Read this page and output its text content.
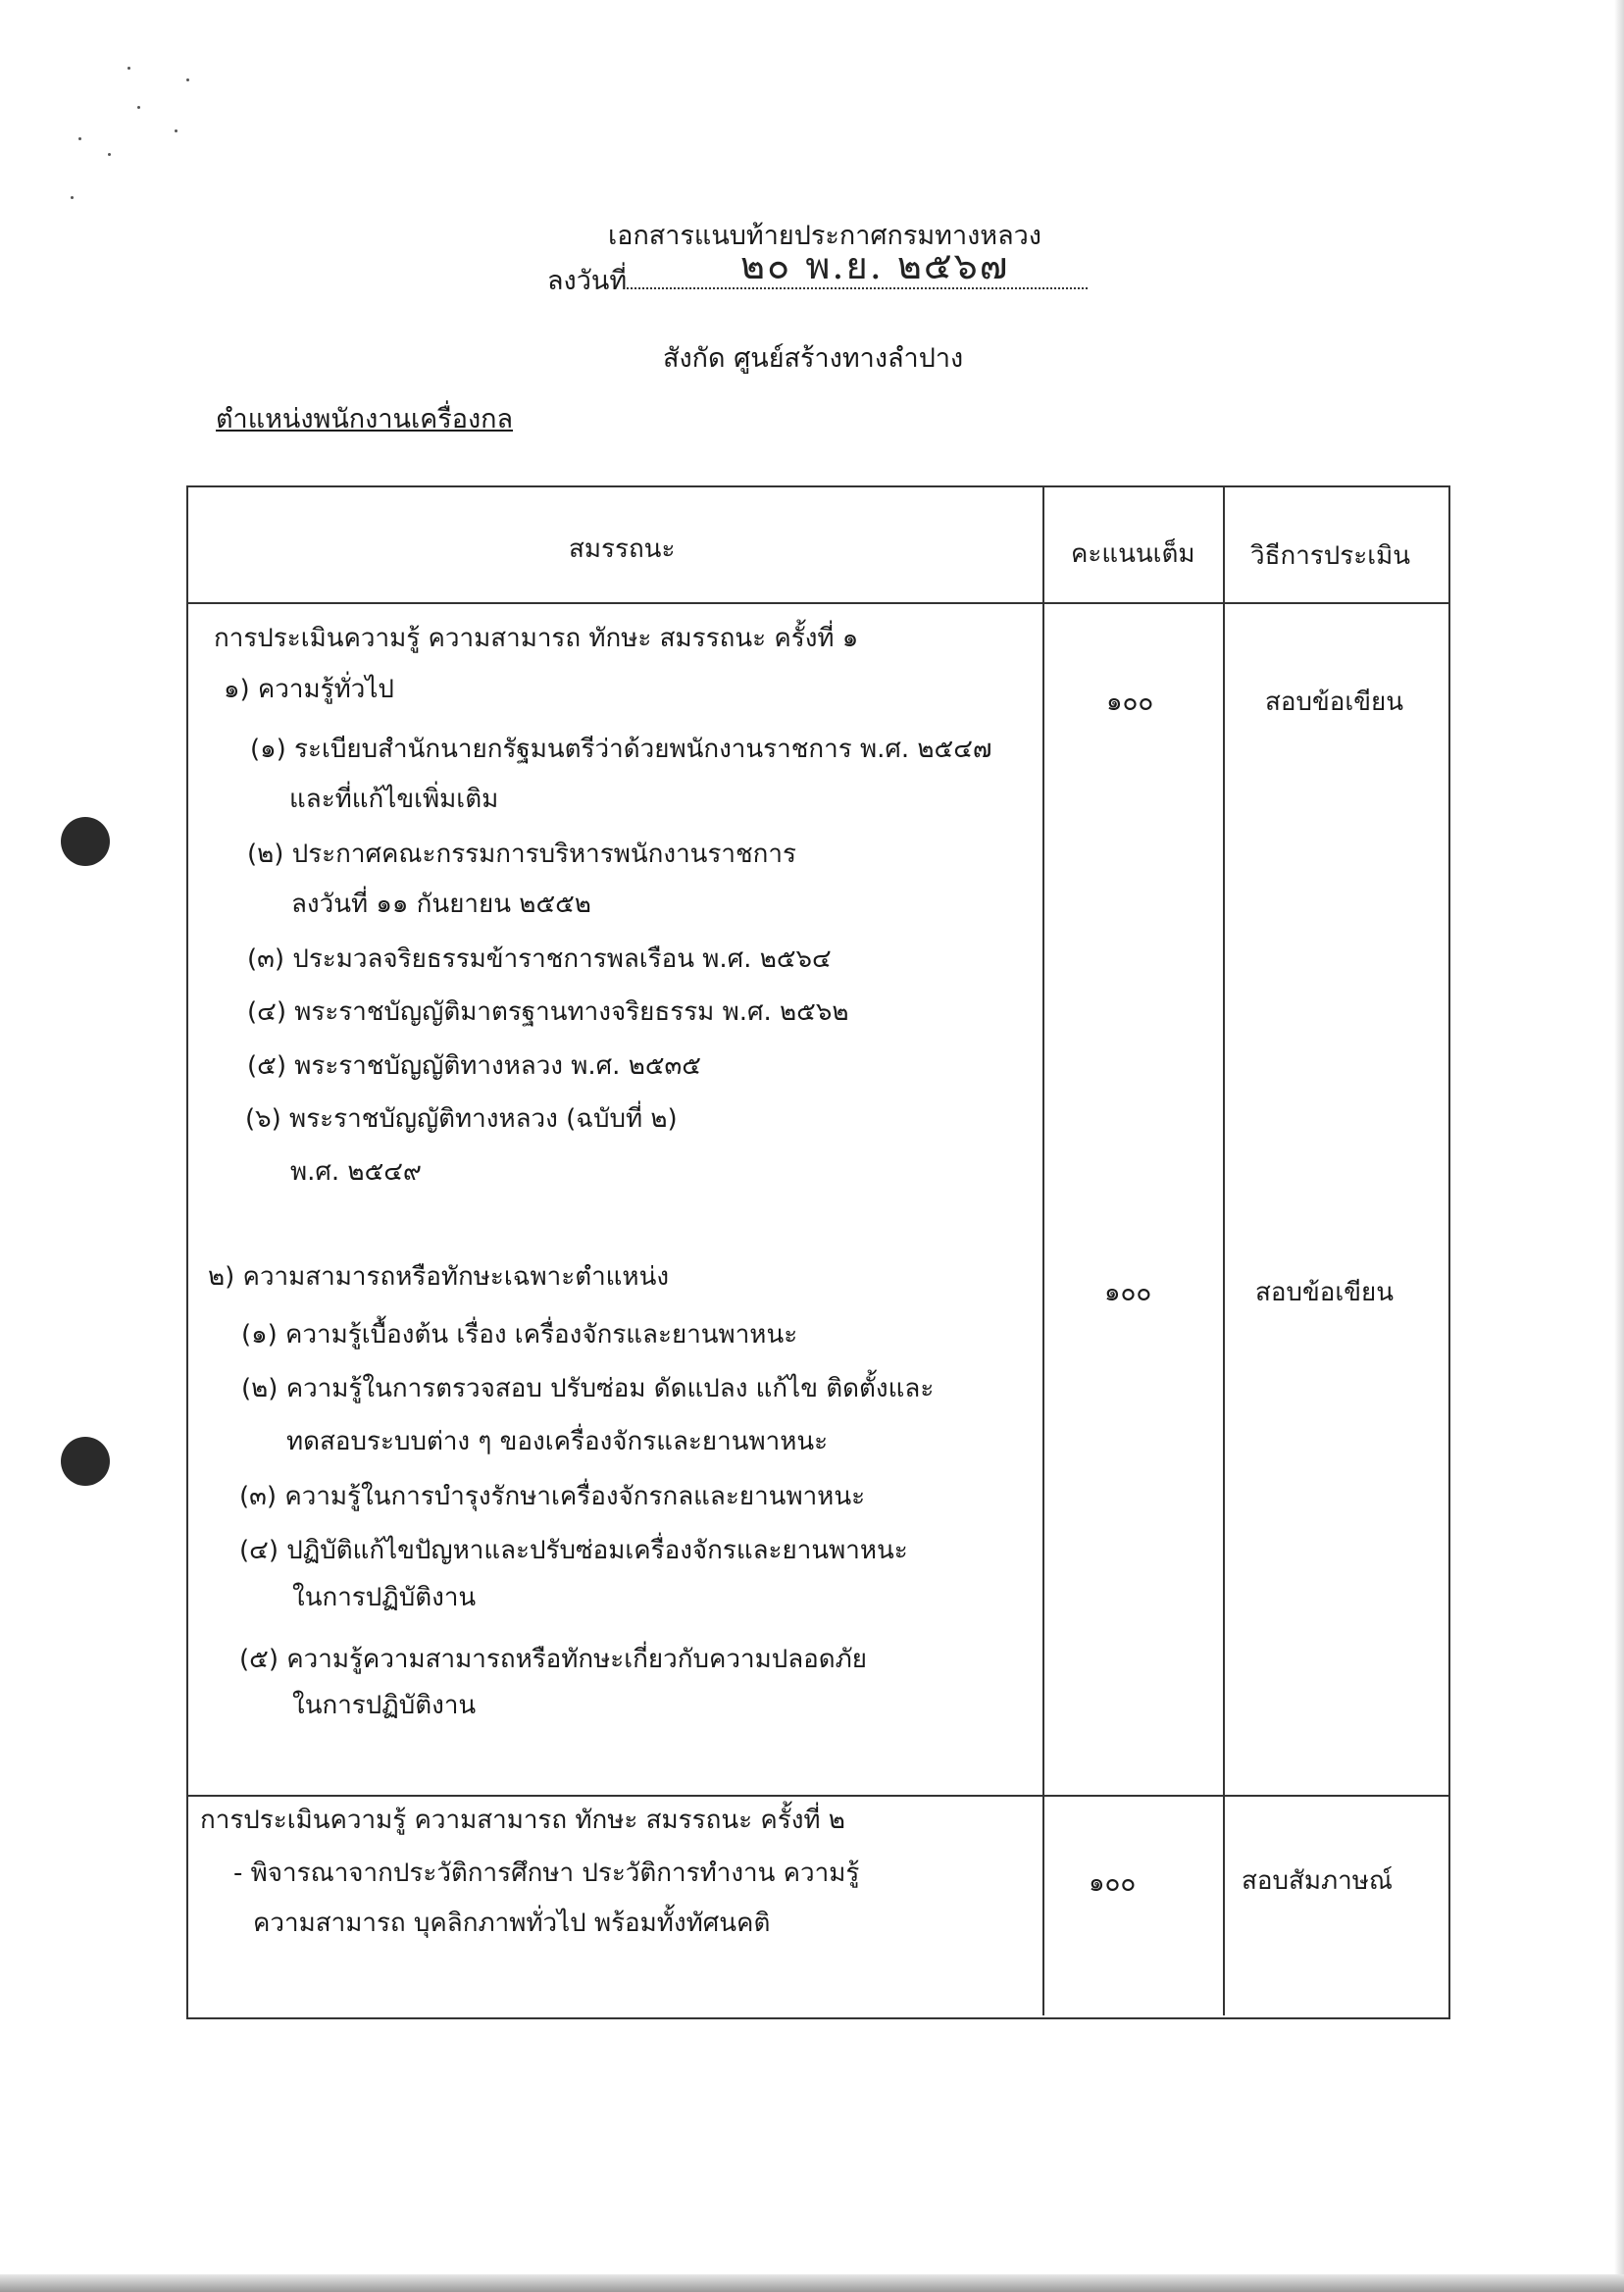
เอกสารแนบท้ายประกาศกรมทางหลวง
๒๐ พ.ย. ๒๕๖๗
ลงวันที่
สังกัด ศูนย์สร้างทางลำปาง
ตำแหน่งพนักงานเครื่องกล
สมรรถนะ	คะแนนเต็ม วิธีการประเมิน
การประเมินความรู้ ความสามารถ ทักษะ สมรรถนะ ครั้งที่ ๑
๑) ความรู้ทั่วไป	๑๐๐	สอบข้อเขียน
(๑) ระเบียบสำนักนายกรัฐมนตรีว่าด้วยพนักงานราชการ พ.ศ. ๒๕๔๗
และที่แก้ไขเพิ่มเติม
(๒) ประกาศคณะกรรมการบริหารพนักงานราชการ
ลงวันที่ ๑๑ กันยายน ๒๕๕๒
(๓) ประมวลจริยธรรมข้าราชการพลเรือน พ.ศ. ๒๕๖๔
(๔) พระราชบัญญัติมาตรฐานทางจริยธรรม พ.ศ. ๒๕๖๒
(๕) พระราชบัญญัติทางหลวง พ.ศ. ๒๕๓๕
(๖) พระราชบัญญัติทางหลวง (ฉบับที่ ๒)
พ.ศ. ๒๕๔๙
๒) ความสามารถหรือทักษะเฉพาะตำแหน่ง
๑๐๐	สอบข้อเขียน
(๑) ความรู้เบื้องต้น เรื่อง เครื่องจักรและยานพาหนะ
(๒) ความรู้ในการตรวจสอบ ปรับซ่อม ดัดแปลง แก้ไข ติดตั้งและ
ทดสอบระบบต่าง ๆ ของเครื่องจักรและยานพาหนะ
(๓) ความรู้ในการบำรุงรักษาเครื่องจักรกลและยานพาหนะ
(๔) ปฏิบัติแก้ไขปัญหาและปรับซ่อมเครื่องจักรและยานพาหนะ
ในการปฏิบัติงาน
(๕) ความรู้ความสามารถหรือทักษะเกี่ยวกับความปลอดภัย
ในการปฏิบัติงาน
การประเมินความรู้ ความสามารถ ทักษะ สมรรถนะ ครั้งที่ ๒
- พิจารณาจากประวัติการศึกษา ประวัติการทำงาน ความรู้
ความสามารถ บุคลิกภาพทั่วไป พร้อมทั้งทัศนคติ
๑๐๐	สอบสัมภาษณ์
